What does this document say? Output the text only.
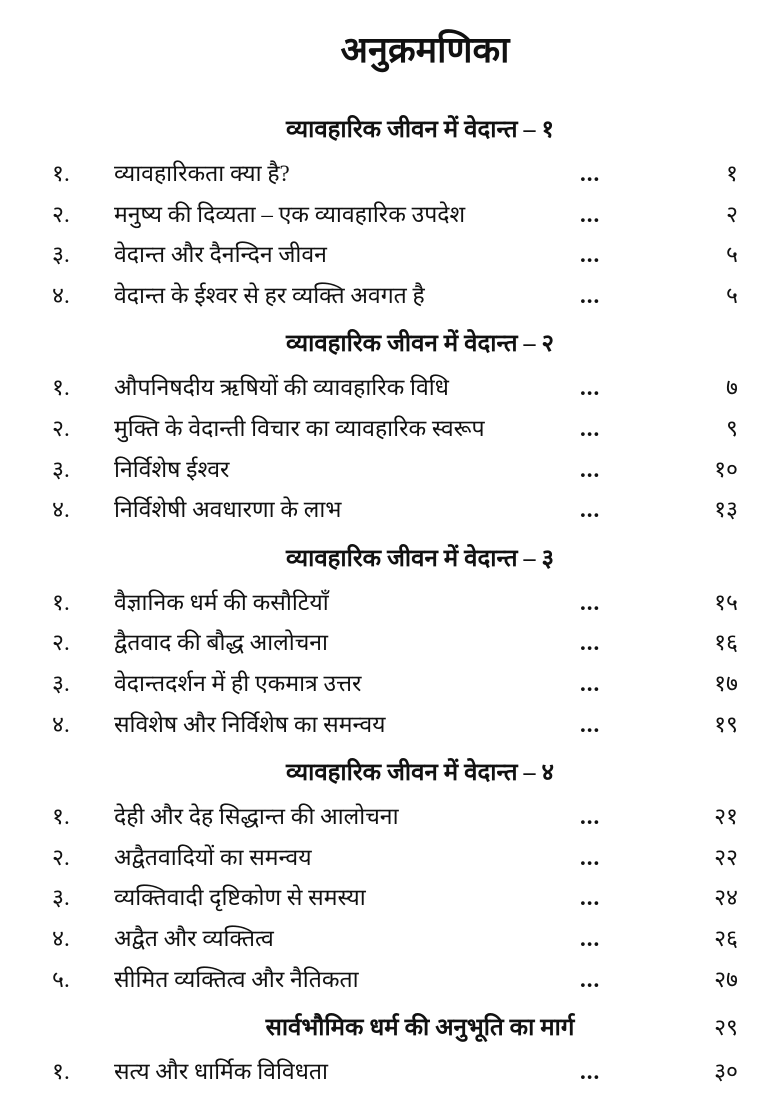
अनुक्रमणिका
व्यावहारिक जीवन में वेदान्त – १
१. व्यावहारिकता क्या है?	...	१
२. मनुष्य की दिव्यता – एक व्यावहारिक उपदेश	...	२
३. वेदान्त और दैनन्दिन जीवन	...	५
४. वेदान्त के ईश्वर से हर व्यक्ति अवगत है	...	५
व्यावहारिक जीवन में वेदान्त – २
१. औपनिषदीय ऋषियों की व्यावहारिक विधि	...	७
२. मुक्ति के वेदान्ती विचार का व्यावहारिक स्वरूप	...	९
३. निर्विशेष ईश्वर	...	१०
४. निर्विशेषी अवधारणा के लाभ	...	१३
व्यावहारिक जीवन में वेदान्त – ३
१. वैज्ञानिक धर्म की कसौटियाँ	...	१५
२. द्वैतवाद की बौद्ध आलोचना	...	१६
३. वेदान्तदर्शन में ही एकमात्र उत्तर	...	१७
४. सविशेष और निर्विशेष का समन्वय	...	१९
व्यावहारिक जीवन में वेदान्त – ४
१. देही और देह सिद्धान्त की आलोचना	...	२१
२. अद्वैतवादियों का समन्वय	...	२२
३. व्यक्तिवादी दृष्टिकोण से समस्या	...	२४
४. अद्वैत और व्यक्तित्व	...	२६
५. सीमित व्यक्तित्व और नैतिकता	...	२७
सार्वभौमिक धर्म की अनुभूति का मार्ग	२९
१. सत्य और धार्मिक विविधता	...	३०
